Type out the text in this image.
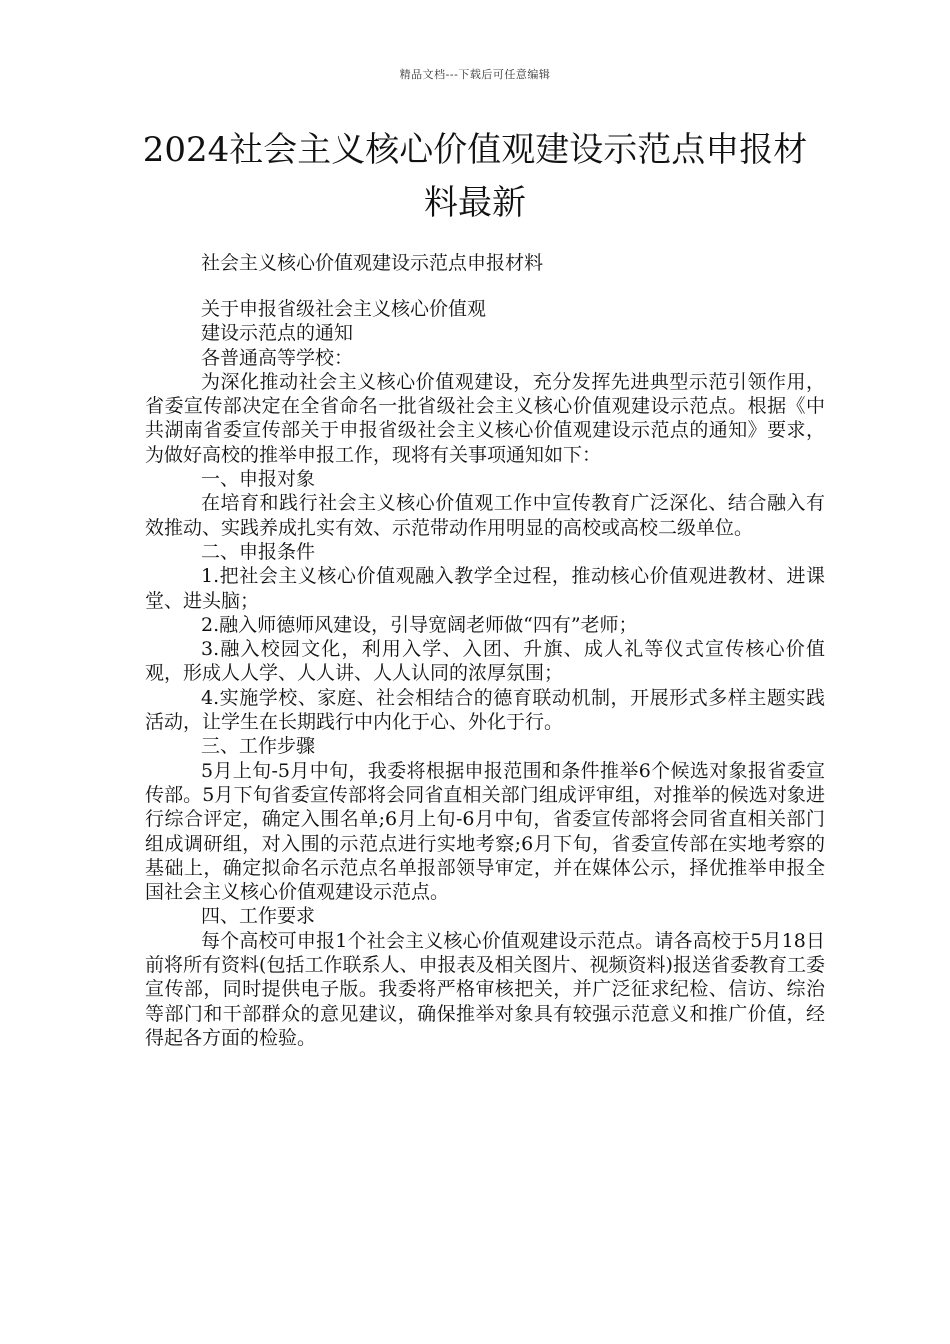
精品文档---下载后可任意编辑
2024社会主义核心价值观建设示范点申报材料最新

社会主义核心价值观建设示范点申报材料

关于申报省级社会主义核心价值观

建设示范点的通知

各普通高等学校：

为深化推动社会主义核心价值观建设，充分发挥先进典型示范引领作用，省委宣传部决定在全省命名一批省级社会主义核心价值观建设示范点。根据《中共湖南省委宣传部关于申报省级社会主义核心价值观建设示范点的通知》要求，为做好高校的推举申报工作，现将有关事项通知如下：

一、申报对象

在培育和践行社会主义核心价值观工作中宣传教育广泛深化、结合融入有效推动、实践养成扎实有效、示范带动作用明显的高校或高校二级单位。

二、申报条件

1.把社会主义核心价值观融入教学全过程，推动核心价值观进教材、进课堂、进头脑；

2.融入师德师风建设，引导宽阔老师做“四有”老师；

3.融入校园文化，利用入学、入团、升旗、成人礼等仪式宣传核心价值观，形成人人学、人人讲、人人认同的浓厚氛围；

4.实施学校、家庭、社会相结合的德育联动机制，开展形式多样主题实践活动，让学生在长期践行中内化于心、外化于行。

三、工作步骤

5月上旬-5月中旬，我委将根据申报范围和条件推举6个候选对象报省委宣传部。5月下旬省委宣传部将会同省直相关部门组成评审组，对推举的候选对象进行综合评定，确定入围名单;6月上旬-6月中旬，省委宣传部将会同省直相关部门组成调研组，对入围的示范点进行实地考察;6月下旬，省委宣传部在实地考察的基础上，确定拟命名示范点名单报部领导审定，并在媒体公示，择优推举申报全国社会主义核心价值观建设示范点。

四、工作要求

每个高校可申报1个社会主义核心价值观建设示范点。请各高校于5月18日前将所有资料(包括工作联系人、申报表及相关图片、视频资料)报送省委教育工委宣传部，同时提供电子版。我委将严格审核把关，并广泛征求纪检、信访、综治等部门和干部群众的意见建议，确保推举对象具有较强示范意义和推广价值，经得起各方面的检验。
